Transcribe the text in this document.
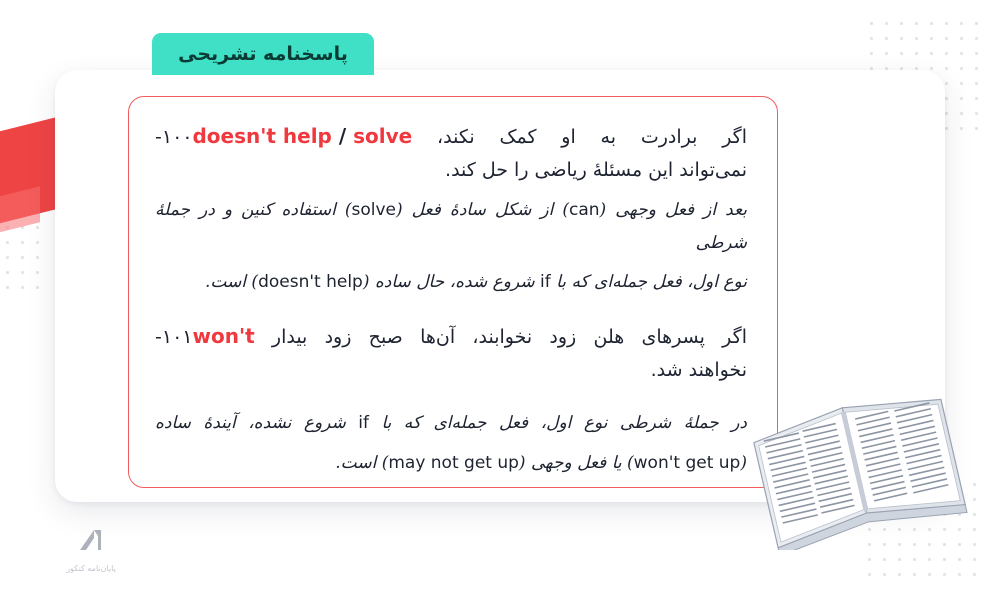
پاسخنامه تشریحی
اگر برادرت به او کمک نکند، doesn't help / solve۱۰۰-
نمی‌تواند این مسئلهٔ ریاضی را حل کند.
بعد از فعل وجهی (can) از شکل سادۀ فعل (solve) استفاده کنین و در جملۀ شرطی
نوع اول، فعل جمله‌ای که با if شروع شده، حال ساده (doesn't help) است.
اگر پسرهای هلن زود نخوابند، آن‌ها صبح زود بیدار won't۱۰۱-
نخواهند شد.
در جملۀ شرطی نوع اول، فعل جمله‌ای که با if شروع نشده، آیندۀ ساده
(won't get up) یا فعل وجهی (may not get up) است.
پایان‌نامه کنکور
